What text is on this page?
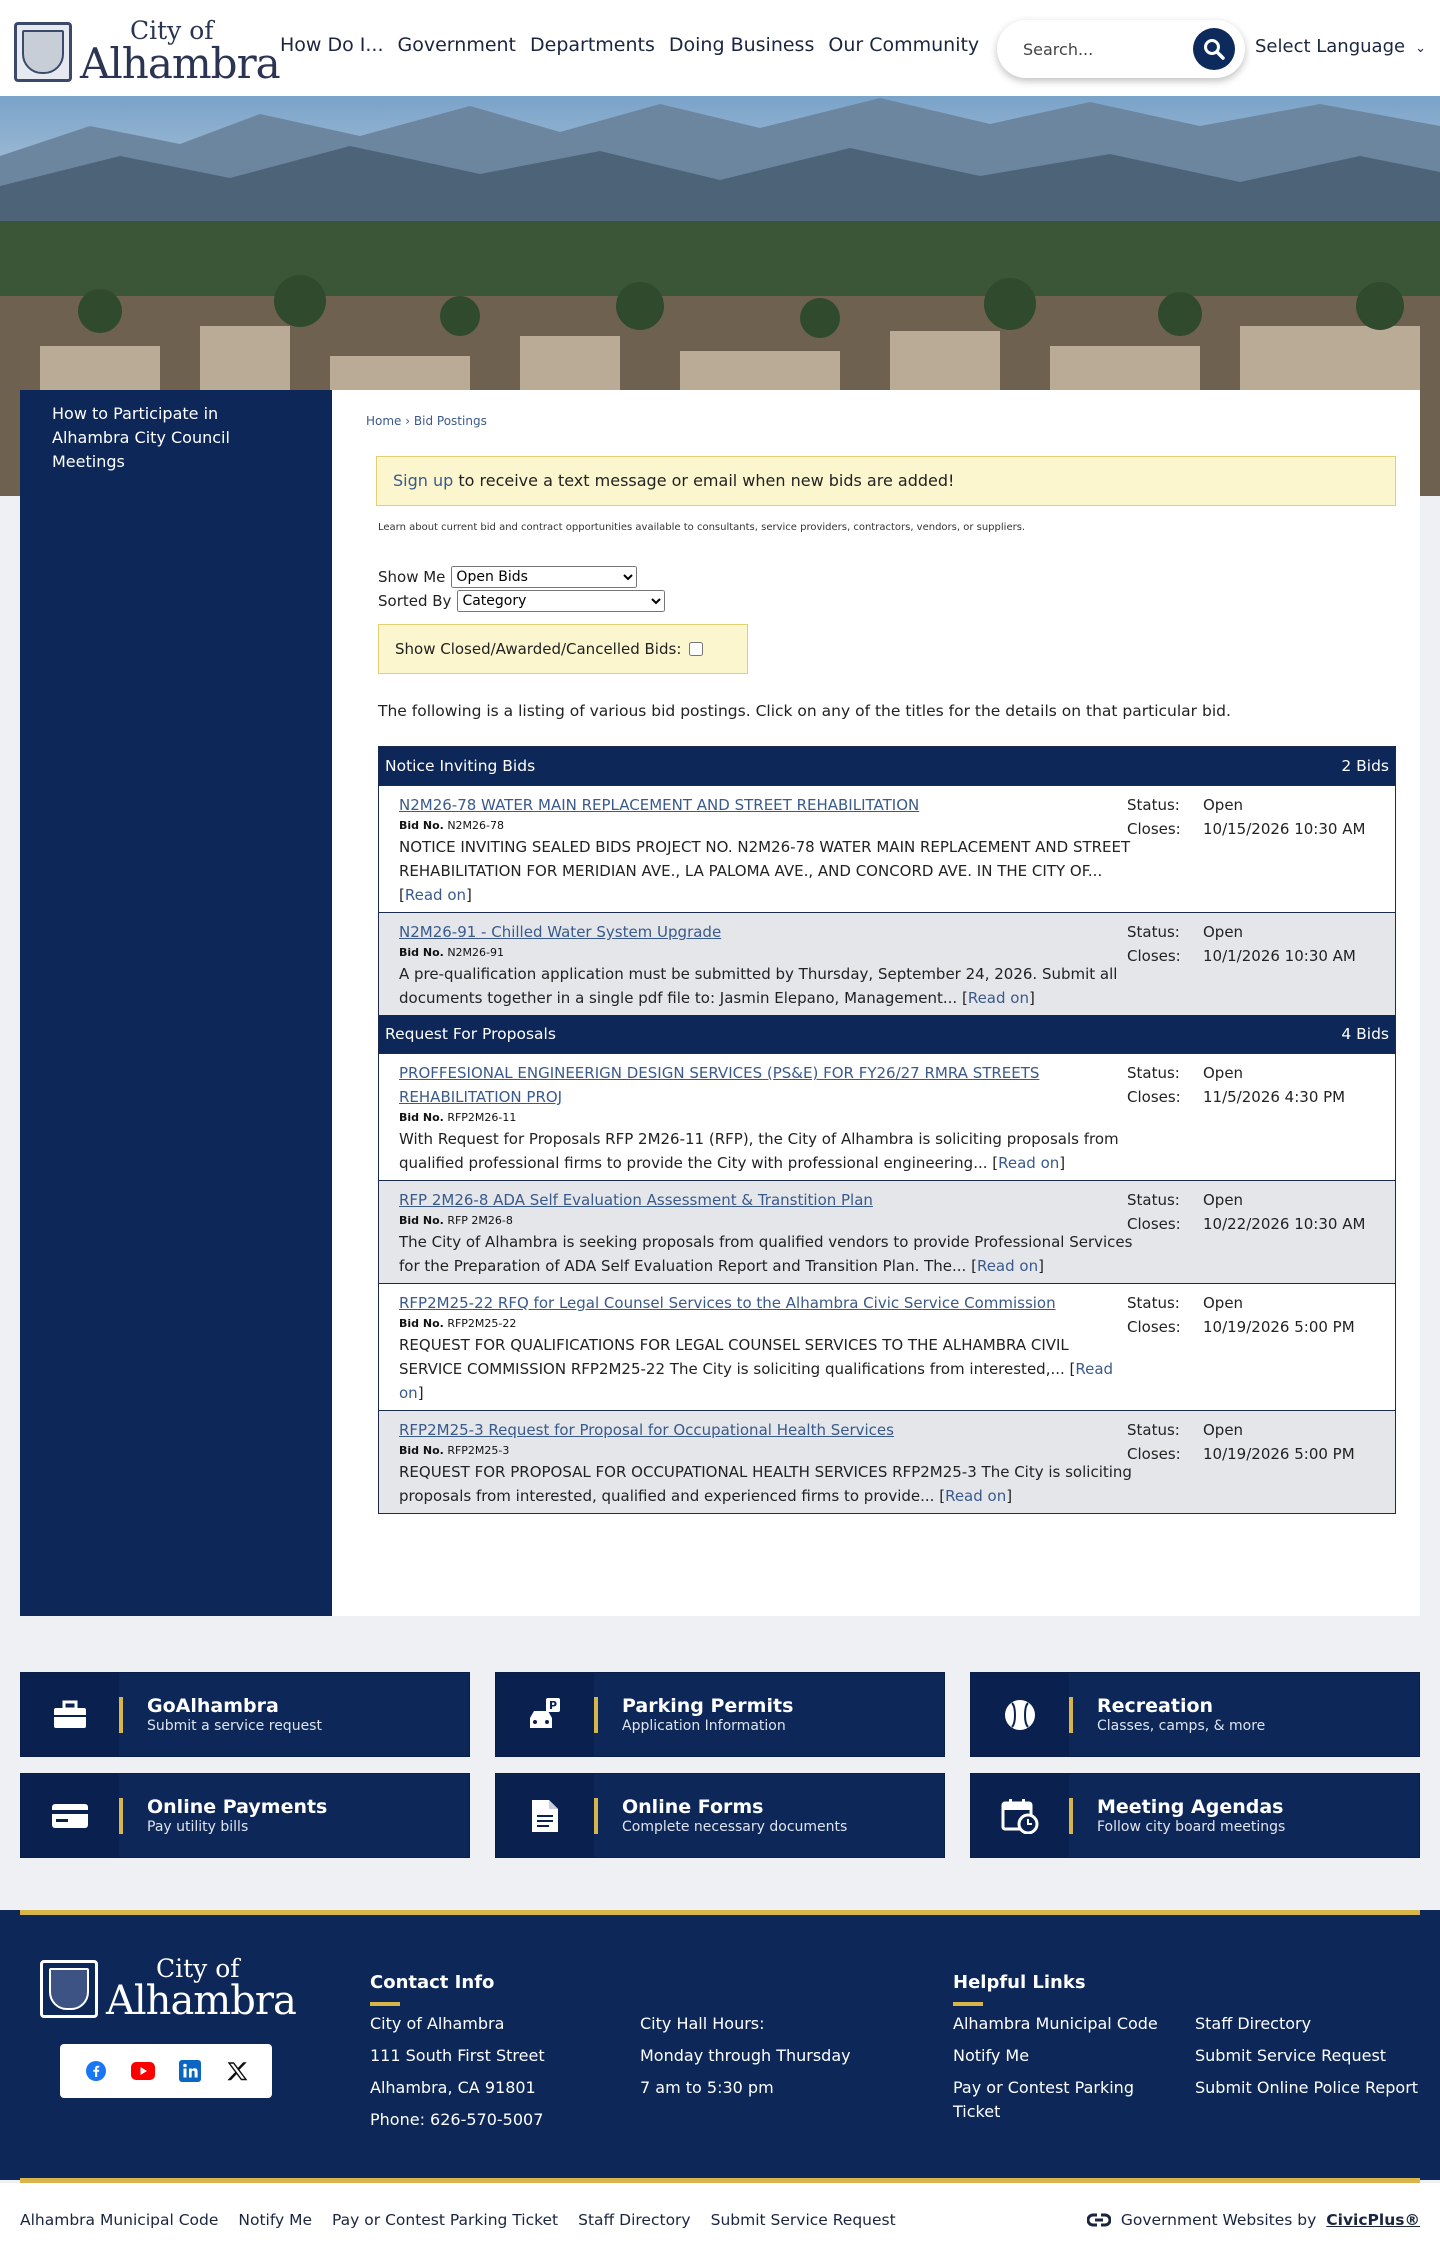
City of
Alhambra How Do I... Government Departments Doing Business Our Community
Search...	Select Language ⌄
How to Participate in Alhambra City Council Meetings
Home › Bid Postings
Sign up to receive a text message or email when new bids are added!
Learn about current bid and contract opportunities available to consultants, service providers, contractors, vendors, or suppliers.
Show Me
Open Bids
Sorted By
Category
Show Closed/Awarded/Cancelled Bids:
The following is a listing of various bid postings. Click on any of the titles for the details on that particular bid.
Notice Inviting Bids	2 Bids
N2M26-78 WATER MAIN REPLACEMENT AND STREET REHABILITATION
Bid No. N2M26-78
NOTICE INVITING SEALED BIDS PROJECT NO. N2M26-78 WATER MAIN REPLACEMENT AND STREET REHABILITATION FOR MERIDIAN AVE., LA PALOMA AVE., AND CONCORD AVE. IN THE CITY OF... [Read on]
Status: Open
Closes: 10/15/2026 10:30 AM
N2M26-91 - Chilled Water System Upgrade
Bid No. N2M26-91
A pre-qualification application must be submitted by Thursday, September 24, 2026. Submit all documents together in a single pdf file to: Jasmin Elepano, Management... [Read on]
Status: Open
Closes: 10/1/2026 10:30 AM
Request For Proposals	4 Bids
PROFFESIONAL ENGINEERIGN DESIGN SERVICES (PS&E) FOR FY26/27 RMRA STREETS REHABILITATION PROJ
Bid No. RFP2M26-11
With Request for Proposals RFP 2M26-11 (RFP), the City of Alhambra is soliciting proposals from qualified professional firms to provide the City with professional engineering... [Read on]
Status: Open
Closes: 11/5/2026 4:30 PM
RFP 2M26-8 ADA Self Evaluation Assessment & Transtition Plan
Bid No. RFP 2M26-8
The City of Alhambra is seeking proposals from qualified vendors to provide Professional Services for the Preparation of ADA Self Evaluation Report and Transition Plan. The... [Read on]
Status: Open
Closes: 10/22/2026 10:30 AM
RFP2M25-22 RFQ for Legal Counsel Services to the Alhambra Civic Service Commission
Bid No. RFP2M25-22
REQUEST FOR QUALIFICATIONS FOR LEGAL COUNSEL SERVICES TO THE ALHAMBRA CIVIL SERVICE COMMISSION RFP2M25-22 The City is soliciting qualifications from interested,... [Read on]
Status: Open
Closes: 10/19/2026 5:00 PM
RFP2M25-3 Request for Proposal for Occupational Health Services
Bid No. RFP2M25-3
REQUEST FOR PROPOSAL FOR OCCUPATIONAL HEALTH SERVICES RFP2M25-3 The City is soliciting proposals from interested, qualified and experienced firms to provide... [Read on]
Status: Open
Closes: 10/19/2026 5:00 PM
GoAlhambra
Submit a service request
P	Parking Permits
Application Information
Recreation
Classes, camps, & more
Online Payments
Pay utility bills
Online Forms
Complete necessary documents
Meeting Agendas
Follow city board meetings
City of
Alhambra	Contact Info
City of Alhambra
111 South First Street
Alhambra, CA 91801
Phone: 626-570-5007
City Hall Hours:
Monday through Thursday
7 am to 5:30 pm
Helpful Links
Alhambra Municipal Code
Notify Me
Pay or Contest Parking Ticket
Staff Directory
Submit Service Request
Submit Online Police Report
Alhambra Municipal Code Notify Me Pay or Contest Parking Ticket Staff Directory Submit Service Request	Government Websites by CivicPlus®
